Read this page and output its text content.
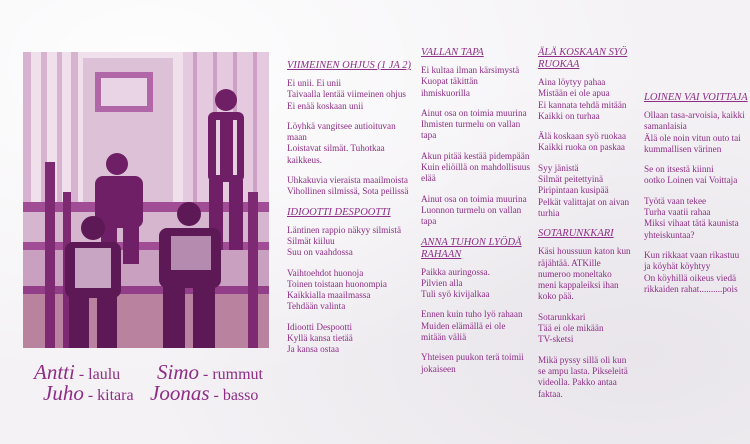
Antti - laulu
Juho - kitara
Simo - rummut
Joonas - basso
VIIMEINEN OHJUS (1 JA 2)
Ei unii. Ei unii
Taivaalla lentää viimeinen ohjus
Ei enää koskaan unii
Löyhkä vangitsee autioituvan
maan
Loistavat silmät. Tuhotkaa
kaikkeus.
Uhkakuvia vieraista maailmoista
Vihollinen silmissä, Sota peilissä
IDIOOTTI DESPOOTTI
Läntinen rappio näkyy silmistä
Silmät kiiluu
Suu on vaahdossa
Vaihtoehdot huonoja
Toinen toistaan huonompia
Kaikkialla maailmassa
Tehdään valinta
Idiootti Despootti
Kyllä kansa tietää
Ja kansa ostaa
VALLAN TAPA
Ei kultaa ilman kärsimystä
Kuopat täkittän
ihmiskuorilla
Ainut osa on toimia muurina
Ihmisten turmelu on vallan
tapa
Akun pitää kestää pidempään
Kuin eliöillä on mahdollisuus
elää
Ainut osa on toimia muurina
Luonnon turmelu on vallan
tapa
ANNA TUHON LYÖDÄ RAHAAN
Paikka auringossa.
Pilvien alla
Tuli syö kivijalkaa
Ennen kuin tuho lyö rahaan
Muiden elämällä ei ole
mitään väliä
Yhteisen puukon terä toimii
jokaiseen
ÄLÄ KOSKAAN SYÖ RUOKAA
Aina löytyy pahaa
Mistään ei ole apua
Ei kannata tehdä mitään
Kaikki on turhaa
Älä koskaan syö ruokaa
Kaikki ruoka on paskaa
Syy jänistä
Silmät peitettyinä
Piripintaan kusipää
Pelkät valittajat on aivan
turhia
SOTARUNKKARI
Käsi houssuun katon kun
räjähtää. ATKille
numeroo moneltako
meni kappaleiksi ihan
koko pää.
Sotarunkkari
Tää ei ole mikään
TV-sketsi
Mikä pyssy sillä oli kun
se ampu lasta. Pikseleitä
videolla. Pakko antaa
faktaa.
LOINEN VAI VOITTAJA
Ollaan tasa-arvoisia, kaikki
samanlaisia
Älä ole noin vitun outo tai
kummallisen värinen
Se on itsestä kiinni
ootko Loinen vai Voittaja
Työtä vaan tekee
Turha vaatii rahaa
Miksi vihaat tätä kaunista
yhteiskuntaa?
Kun rikkaat vaan rikastuu
ja köyhät köyhtyy
On köyhillä oikeus viedä
rikkaiden rahat..........pois
